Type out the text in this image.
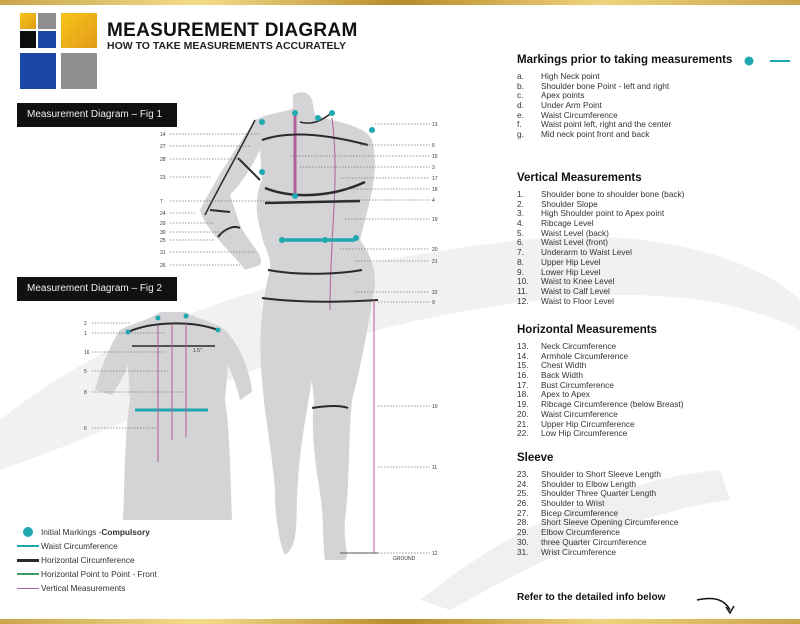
MEASUREMENT DIAGRAM
HOW TO TAKE MEASUREMENTS ACCURATELY
14
27
28
23
7
24
29
30
25
31
26
13
6
15
3
17
18
4
19
20
21
22
9
10
11
12
GROUND
2
1
16
5
8
6
1.5"
Measurement Diagram – Fig 1
Measurement Diagram – Fig 2
Markings prior to taking measurements
a.	High Neck point
b.	Shoulder bone Point - left and right
c.	Apex points
d.	Under Arm Point
e.	Waist Circumference
f.	Waist point left, right and the center
g.	Mid neck point front and back
Vertical Measurements
1.	Shoulder bone to shoulder bone (back)
2.	Shoulder Slope
3.	High Shoulder point to Apex point
4.	Ribcage Level
5.	Waist Level (back)
6.	Waist Level (front)
7.	Underarm to Waist Level
8.	Upper Hip Level
9.	Lower Hip Level
10.	Waist to Knee Level
11.	Waist to Calf Level
12.	Waist to Floor Level
Horizontal Measurements
13.	Neck Circumference
14.	Armhole Circumference
15.	Chest Width
16.	Back Width
17.	Bust Circumference
18.	Apex to Apex
19.	Ribcage Circumference (below Breast)
20.	Waist Circumference
21.	Upper Hip Circumference
22.	Low Hip Circumference
Sleeve
23.	Shoulder to Short Sleeve Length
24.	Shoulder to Elbow Length
25.	Shoulder Three Quarter Length
26.	Shoulder to Wrist
27.	Bicep Circumference
28.	Short Sleeve Opening Circumference
29.	Elbow Circumference
30.	three Quarter Circumference
31.	Wrist Circumference
Initial Markings - Compulsory
Waist Circumference
Horizontal Circumference
Horizontal Point to Point - Front
Vertical Measurements
Refer to the detailed info below
